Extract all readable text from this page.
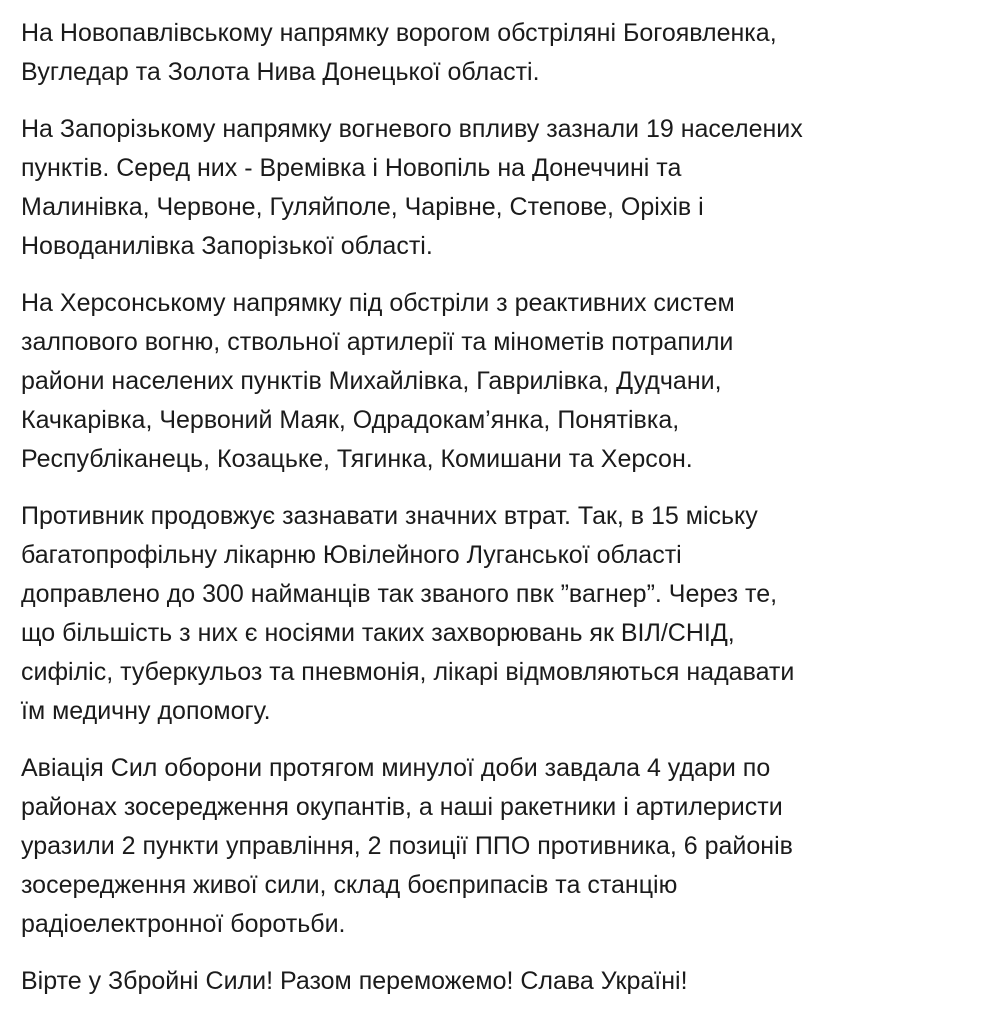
На Новопавлівському напрямку ворогом обстріляні Богоявленка,
Вугледар та Золота Нива Донецької області.

На Запорізькому напрямку вогневого впливу зазнали 19 населених
пунктів. Серед них - Времівка і Новопіль на Донеччині та
Малинівка, Червоне, Гуляйполе, Чарівне, Степове, Оріхів і
Новоданилівка Запорізької області.

На Херсонському напрямку під обстріли з реактивних систем
залпового вогню, ствольної артилерії та мінометів потрапили
райони населених пунктів Михайлівка, Гаврилівка, Дудчани,
Качкарівка, Червоний Маяк, Одрадокам’янка, Понятівка,
Республіканець, Козацьке, Тягинка, Комишани та Херсон.

Противник продовжує зазнавати значних втрат. Так, в 15 міську
багатопрофільну лікарню Ювілейного Луганської області
доправлено до 300 найманців так званого пвк ”вагнер”. Через те,
що більшість з них є носіями таких захворювань як ВІЛ/СНІД,
сифіліс, туберкульоз та пневмонія, лікарі відмовляються надавати
їм медичну допомогу.

Авіація Сил оборони протягом минулої доби завдала 4 удари по
районах зосередження окупантів, а наші ракетники і артилеристи
уразили 2 пункти управління, 2 позиції ППО противника, 6 районів
зосередження живої сили, склад боєприпасів та станцію
радіоелектронної боротьби.

Вірте у Збройні Сили! Разом переможемо! Слава Україні!
